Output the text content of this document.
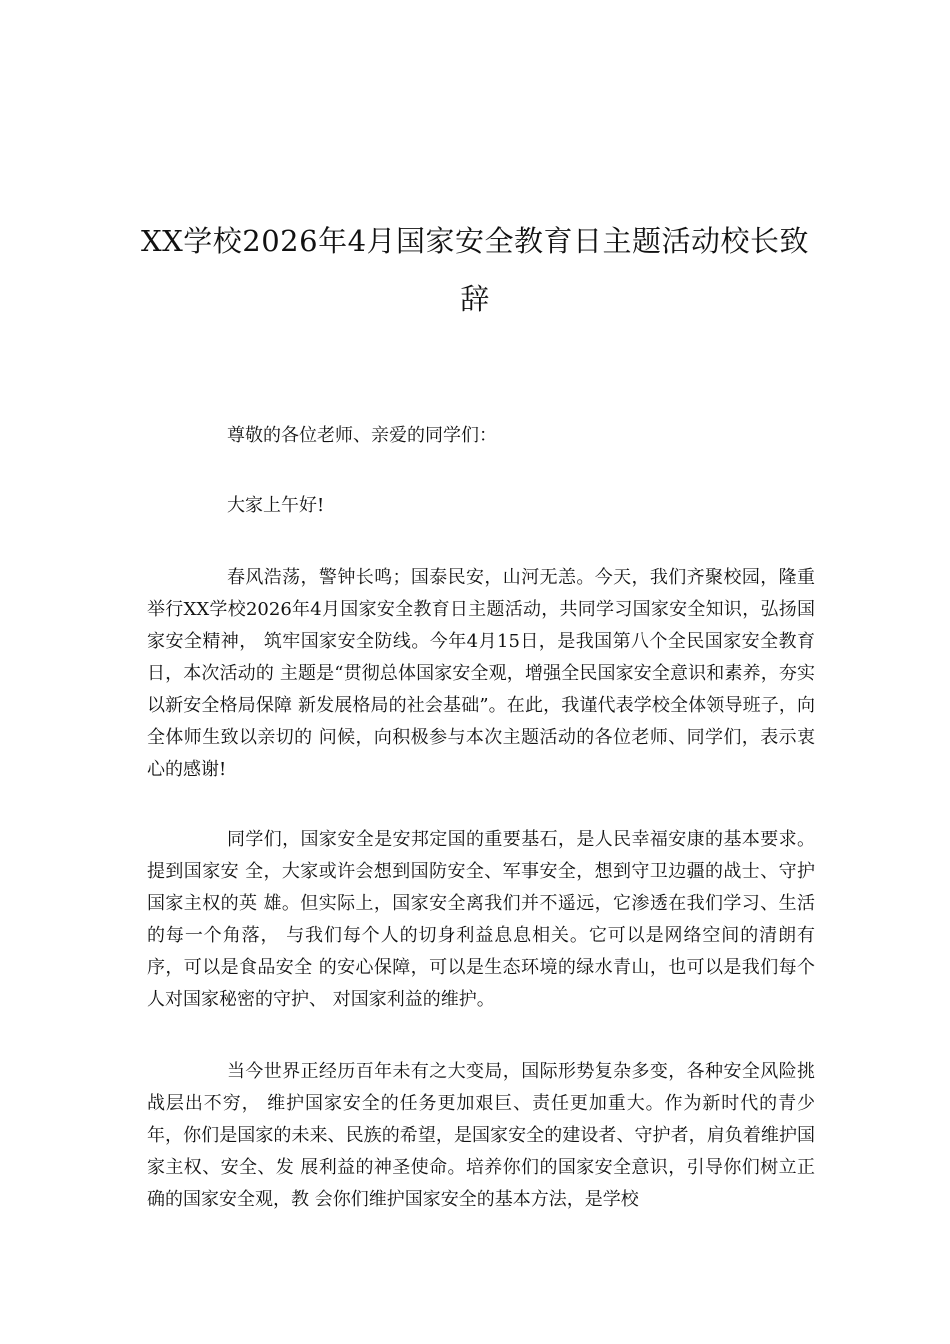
XX学校2026年4月国家安全教育日主题活动校长致辞

尊敬的各位老师、亲爱的同学们：

大家上午好!

春风浩荡，警钟长鸣；国泰民安，山河无恙。今天，我们齐聚校园，隆重举行XX学校2026年4月国家安全教育日主题活动，共同学习国家安全知识，弘扬国家安全精神， 筑牢国家安全防线。今年4月15日，是我国第八个全民国家安全教育日，本次活动的 主题是“贯彻总体国家安全观，增强全民国家安全意识和素养，夯实以新安全格局保障 新发展格局的社会基础”。在此，我谨代表学校全体领导班子，向全体师生致以亲切的 问候，向积极参与本次主题活动的各位老师、同学们，表示衷心的感谢!

同学们，国家安全是安邦定国的重要基石，是人民幸福安康的基本要求。提到国家安 全，大家或许会想到国防安全、军事安全，想到守卫边疆的战士、守护国家主权的英 雄。但实际上，国家安全离我们并不遥远，它渗透在我们学习、生活的每一个角落， 与我们每个人的切身利益息息相关。它可以是网络空间的清朗有序，可以是食品安全 的安心保障，可以是生态环境的绿水青山，也可以是我们每个人对国家秘密的守护、 对国家利益的维护。

当今世界正经历百年未有之大变局，国际形势复杂多变，各种安全风险挑战层出不穷， 维护国家安全的任务更加艰巨、责任更加重大。作为新时代的青少年，你们是国家的未来、民族的希望，是国家安全的建设者、守护者，肩负着维护国家主权、安全、发 展利益的神圣使命。培养你们的国家安全意识，引导你们树立正确的国家安全观，教 会你们维护国家安全的基本方法，是学校
